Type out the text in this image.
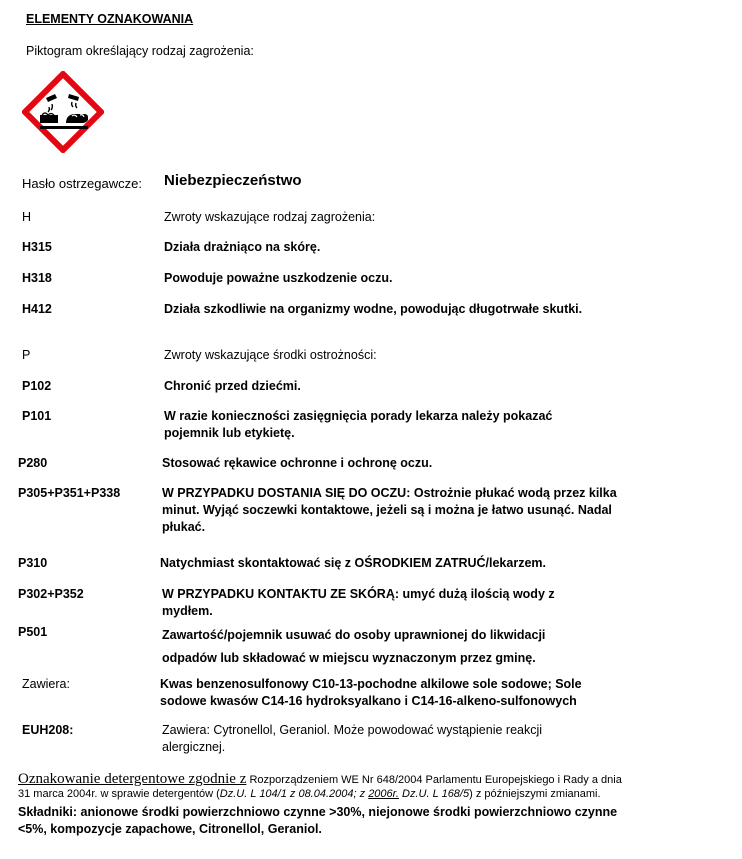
ELEMENTY OZNAKOWANIA
Piktogram określający rodzaj zagrożenia:
Hasło ostrzegawcze: Niebezpieczeństwo
H	Zwroty wskazujące rodzaj zagrożenia:
H315	Działa drażniąco na skórę.
H318	Powoduje poważne uszkodzenie oczu.
H412	Działa szkodliwie na organizmy wodne, powodując długotrwałe skutki.
P	Zwroty wskazujące środki ostrożności:
P102	Chronić przed dziećmi.
P101	W razie konieczności zasięgnięcia porady lekarza należy pokazać pojemnik lub etykietę.
P280	Stosować rękawice ochronne i ochronę oczu.
P305+P351+P338	W PRZYPADKU DOSTANIA SIĘ DO OCZU: Ostrożnie płukać wodą przez kilka minut. Wyjąć soczewki kontaktowe, jeżeli są i można je łatwo usunąć. Nadal płukać.
P310	Natychmiast skontaktować się z OŚRODKIEM ZATRUĆ/lekarzem.
P302+P352	W PRZYPADKU KONTAKTU ZE SKÓRĄ: umyć dużą ilością wody z mydłem.
P501	Zawartość/pojemnik usuwać do osoby uprawnionej do likwidacji odpadów lub składować w miejscu wyznaczonym przez gminę.
Zawiera:	Kwas benzenosulfonowy C10-13-pochodne alkilowe sole sodowe; Sole sodowe kwasów C14-16 hydroksyalkano i C14-16-alkeno-sulfonowych
EUH208:	Zawiera: Cytronellol, Geraniol. Może powodować wystąpienie reakcji alergicznej.
Oznakowanie detergentowe zgodnie z Rozporządzeniem WE Nr 648/2004 Parlamentu Europejskiego i Rady a dnia 31 marca 2004r. w sprawie detergentów (Dz.U. L 104/1 z 08.04.2004; z 2006r. Dz.U. L 168/5) z późniejszymi zmianami.
Składniki: anionowe środki powierzchniowo czynne >30%, niejonowe środki powierzchniowo czynne <5%, kompozycje zapachowe, Citronellol, Geraniol.
